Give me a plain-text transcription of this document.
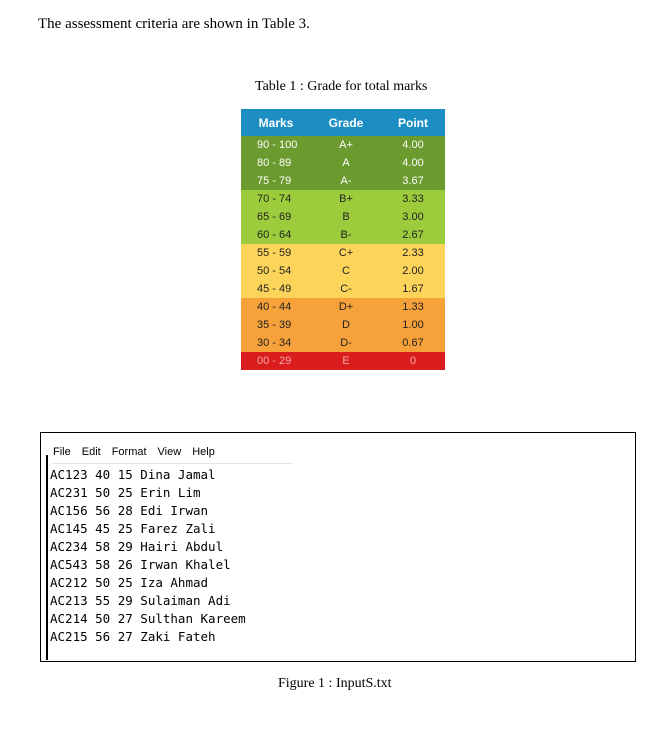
The assessment criteria are shown in Table 3.

Table 1 : Grade for total marks

Marks	Grade	Point
90 - 100	A+	4.00
80 - 89	A	4.00
75 - 79	A-	3.67
70 - 74	B+	3.33
65 - 69	B	3.00
60 - 64	B-	2.67
55 - 59	C+	2.33
50 - 54	C	2.00
45 - 49	C-	1.67
40 - 44	D+	1.33
35 - 39	D	1.00
30 - 34	D-	0.67
00 - 29	E	0
File Edit Format View Help
AC123 40 15 Dina Jamal
AC231 50 25 Erin Lim
AC156 56 28 Edi Irwan
AC145 45 25 Farez Zali
AC234 58 29 Hairi Abdul
AC543 58 26 Irwan Khalel
AC212 50 25 Iza Ahmad
AC213 55 29 Sulaiman Adi
AC214 50 27 Sulthan Kareem
AC215 56 27 Zaki Fateh

Figure 1 : InputS.txt
